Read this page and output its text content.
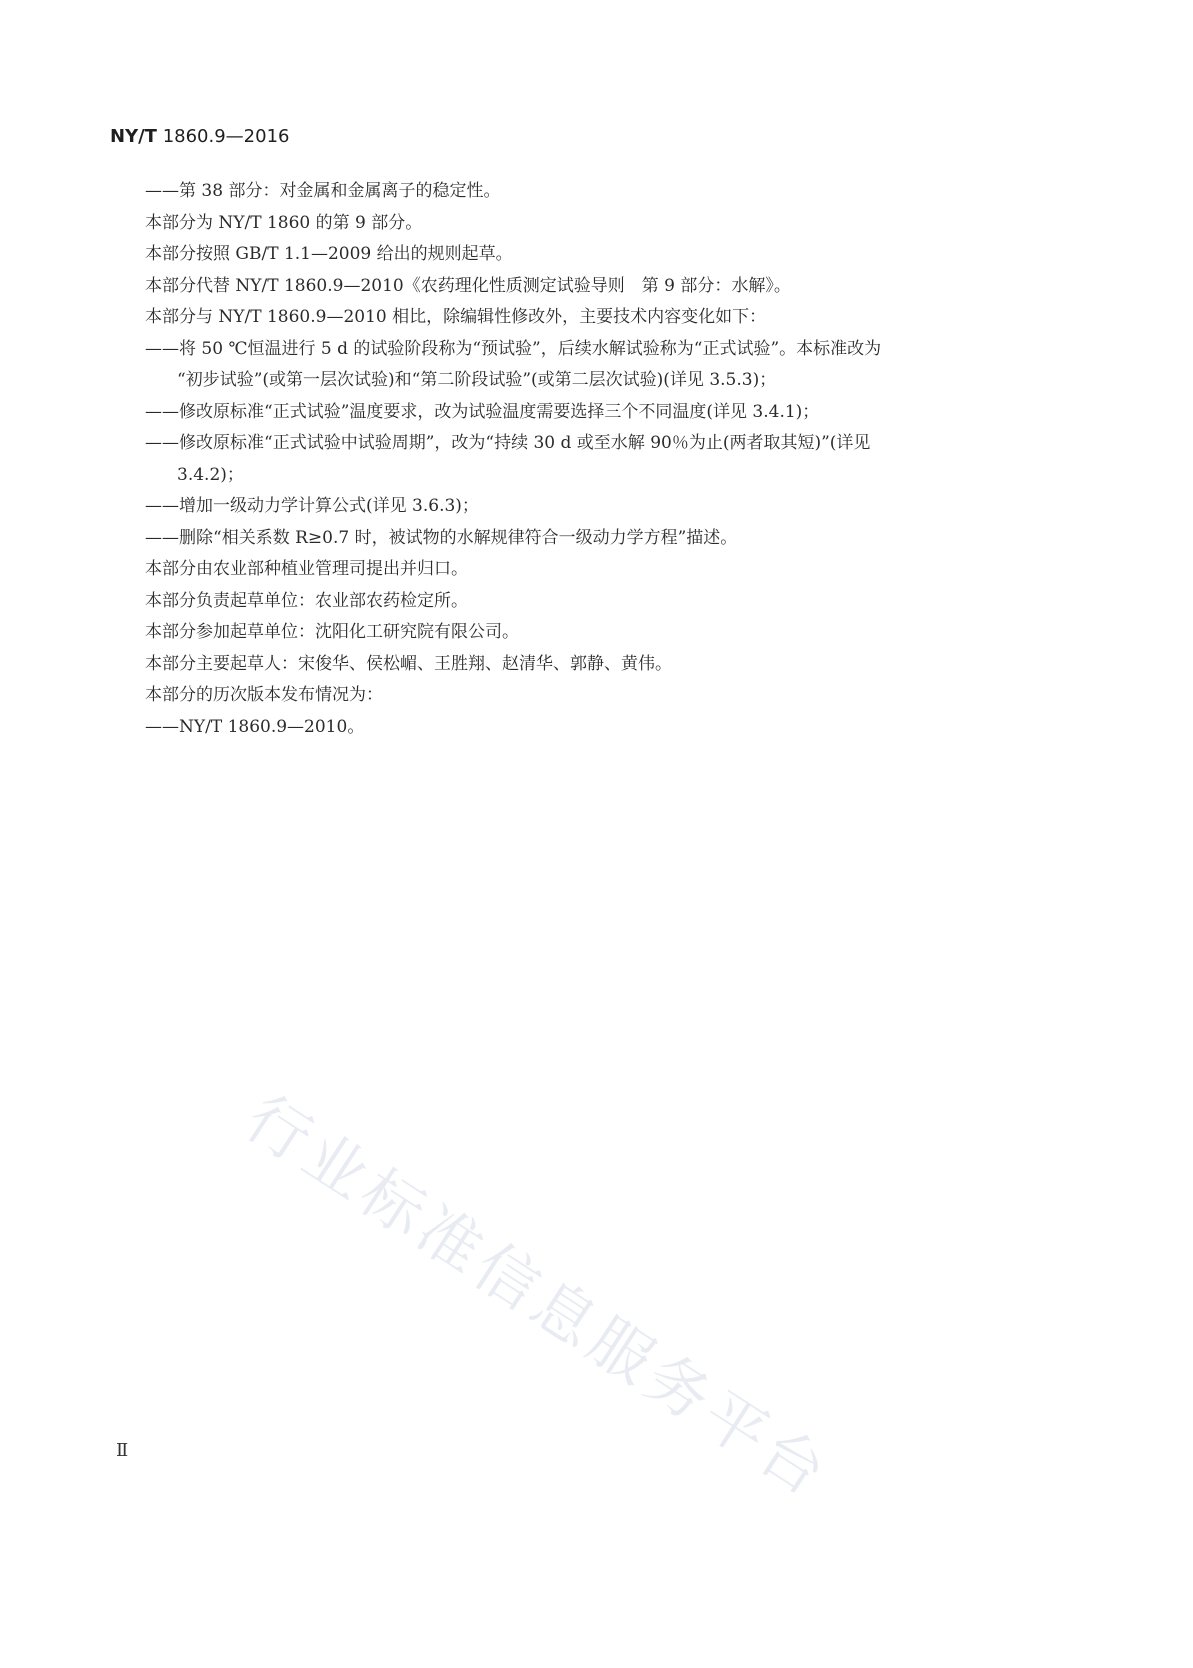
NY/T 1860.9—2016

——第 38 部分：对金属和金属离子的稳定性。

本部分为 NY/T 1860 的第 9 部分。

本部分按照 GB/T 1.1—2009 给出的规则起草。

本部分代替 NY/T 1860.9—2010《农药理化性质测定试验导则　第 9 部分：水解》。

本部分与 NY/T 1860.9—2010 相比，除编辑性修改外，主要技术内容变化如下：

——将 50 ℃恒温进行 5 d 的试验阶段称为“预试验”，后续水解试验称为“正式试验”。本标准改为

“初步试验”(或第一层次试验)和“第二阶段试验”(或第二层次试验)(详见 3.5.3)；

——修改原标准“正式试验”温度要求，改为试验温度需要选择三个不同温度(详见 3.4.1)；

——修改原标准“正式试验中试验周期”，改为“持续 30 d 或至水解 90％为止(两者取其短)”(详见

3.4.2)；

——增加一级动力学计算公式(详见 3.6.3)；

——删除“相关系数 R≥0.7 时，被试物的水解规律符合一级动力学方程”描述。

本部分由农业部种植业管理司提出并归口。

本部分负责起草单位：农业部农药检定所。

本部分参加起草单位：沈阳化工研究院有限公司。

本部分主要起草人：宋俊华、侯松嵋、王胜翔、赵清华、郭静、黄伟。

本部分的历次版本发布情况为：

——NY/T 1860.9—2010。

行业标准信息服务平台
Ⅱ
